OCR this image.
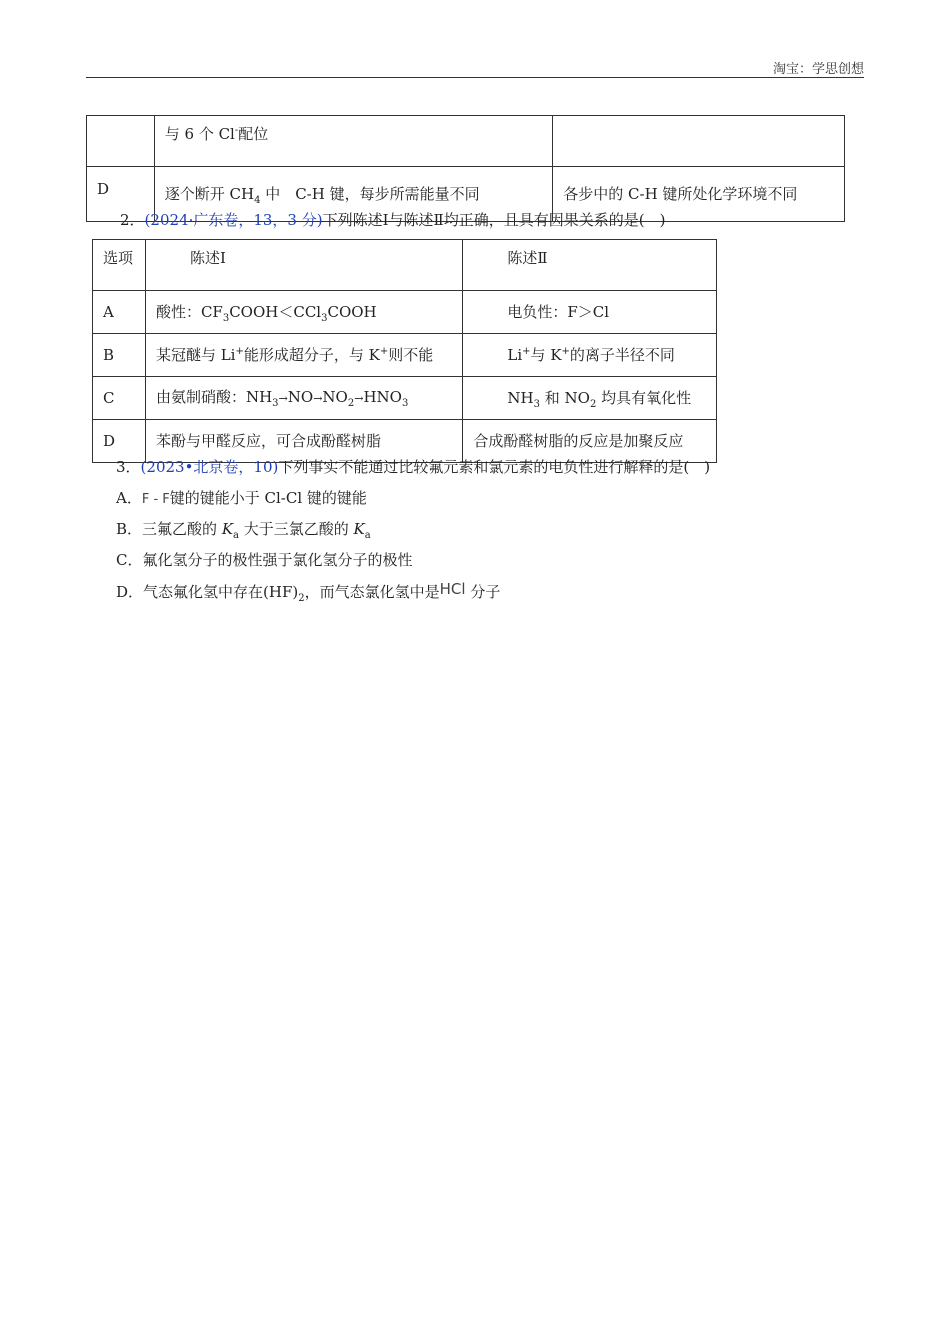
淘宝：学思创想
	与 6 个 Cl-配位	
D	逐个断开 $CH_4$ 中　C-H 键，每步所需能量不同	各步中的 C-H 键所处化学环境不同
2．(2024·广东卷，13，3 分)下列陈述Ⅰ与陈述Ⅱ均正确，且具有因果关系的是(　)
选项	陈述Ⅰ	陈述Ⅱ
A	酸性：$CF_3COOH<CCl_3COOH$	电负性：F＞Cl
B	某冠醚与 Li+能形成超分子，与 K+则不能	Li+与 K+的离子半径不同
C	由氨制硝酸：$NH_3\to NO\to NO_2\to HNO_3$	$NH_3$ 和 $NO_2$ 均具有氧化性
D	苯酚与甲醛反应，可合成酚醛树脂	合成酚醛树脂的反应是加聚反应
3．(2023•北京卷，10)下列事实不能通过比较氟元素和氯元素的电负性进行解释的是(　)
A．F - F键的键能小于 Cl-Cl 键的键能
B．三氟乙酸的 $K_a$ 大于三氯乙酸的 $K_a$
C．氟化氢分子的极性强于氯化氢分子的极性
D．气态氟化氢中存在$(HF)_2$，而气态氯化氢中是HCl 分子
